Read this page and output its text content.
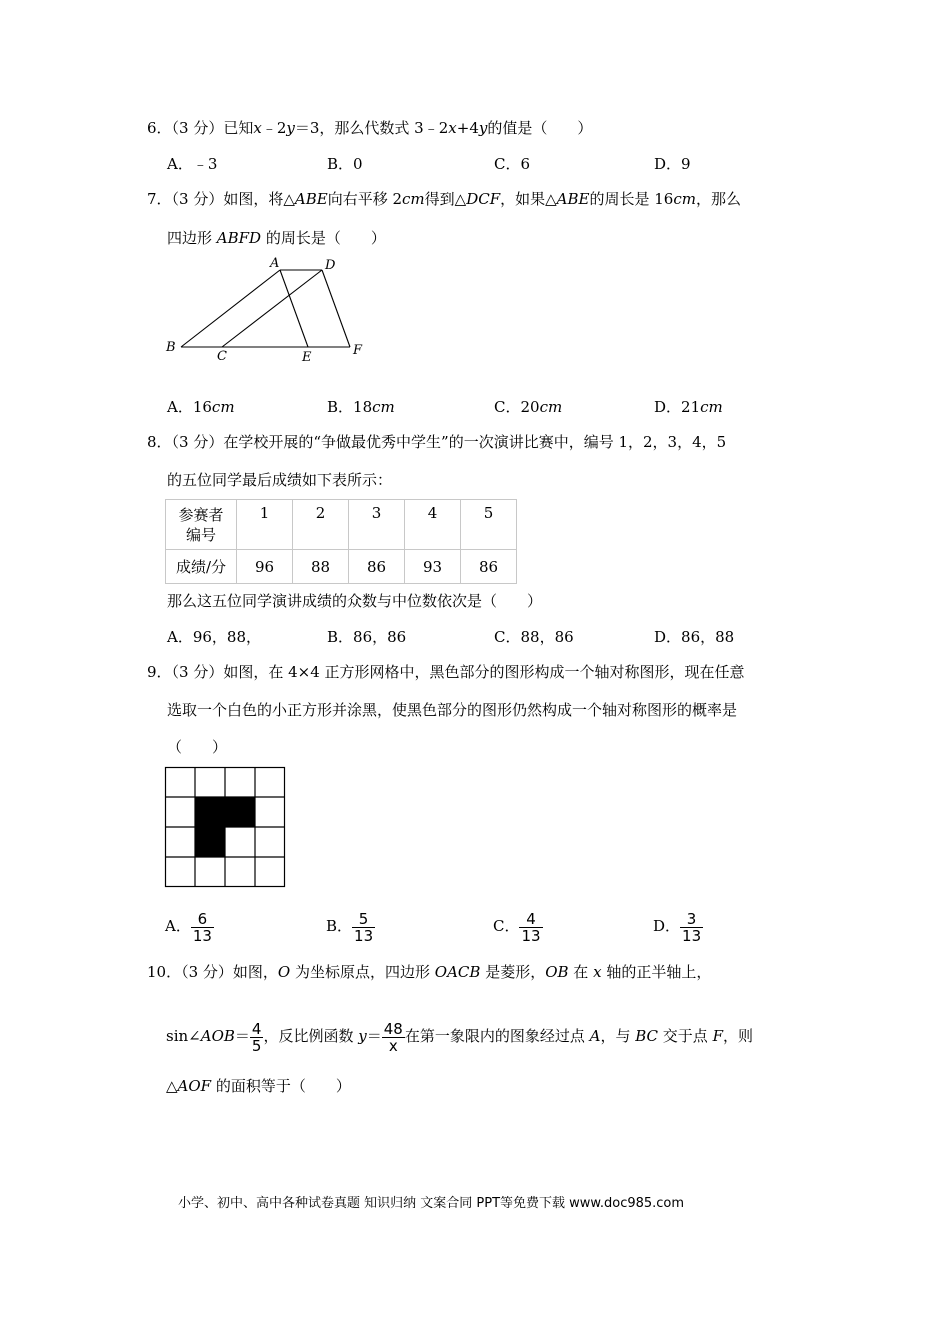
6．（3 分）已知x﹣2y＝3，那么代数式 3﹣2x+4y的值是（　　）
A．﹣3	B．0	C．6	D．9
7．（3 分）如图，将△ABE向右平移 2cm得到△DCF，如果△ABE的周长是 16cm，那么
四边形 ABFD 的周长是（　　）
A	D
B
C	E	F
A．16cm	B．18cm	C．20cm	D．21cm
8．（3 分）在学校开展的“争做最优秀中学生”的一次演讲比赛中，编号 1，2，3，4，5
的五位同学最后成绩如下表所示：
参赛者
编号	1	2	3	4	5
成绩/分	96	88	86	93	86
那么这五位同学演讲成绩的众数与中位数依次是（　　）
A．96，88，	B．86，86	C．88，86	D．86，88
9．（3 分）如图，在 4×4 正方形网格中，黑色部分的图形构成一个轴对称图形，现在任意
选取一个白色的小正方形并涂黑，使黑色部分的图形仍然构成一个轴对称图形的概率是
（　　）
A． $\frac{6}{13}$	B． $\frac{5}{13}$	C． $\frac{4}{13}$	D． $\frac{3}{13}$
10．（3 分）如图，O 为坐标原点，四边形 OACB 是菱形，OB 在 x 轴的正半轴上，
sin∠AOB＝ $\frac{4}{5}$ ，反比例函数 $y= \frac{48}{x}$ 在第一象限内的图象经过点 A，与 BC 交于点 F，则
△AOF 的面积等于（　　）
小学、初中、高中各种试卷真题 知识归纳 文案合同 PPT等免费下载 www.doc985.com
